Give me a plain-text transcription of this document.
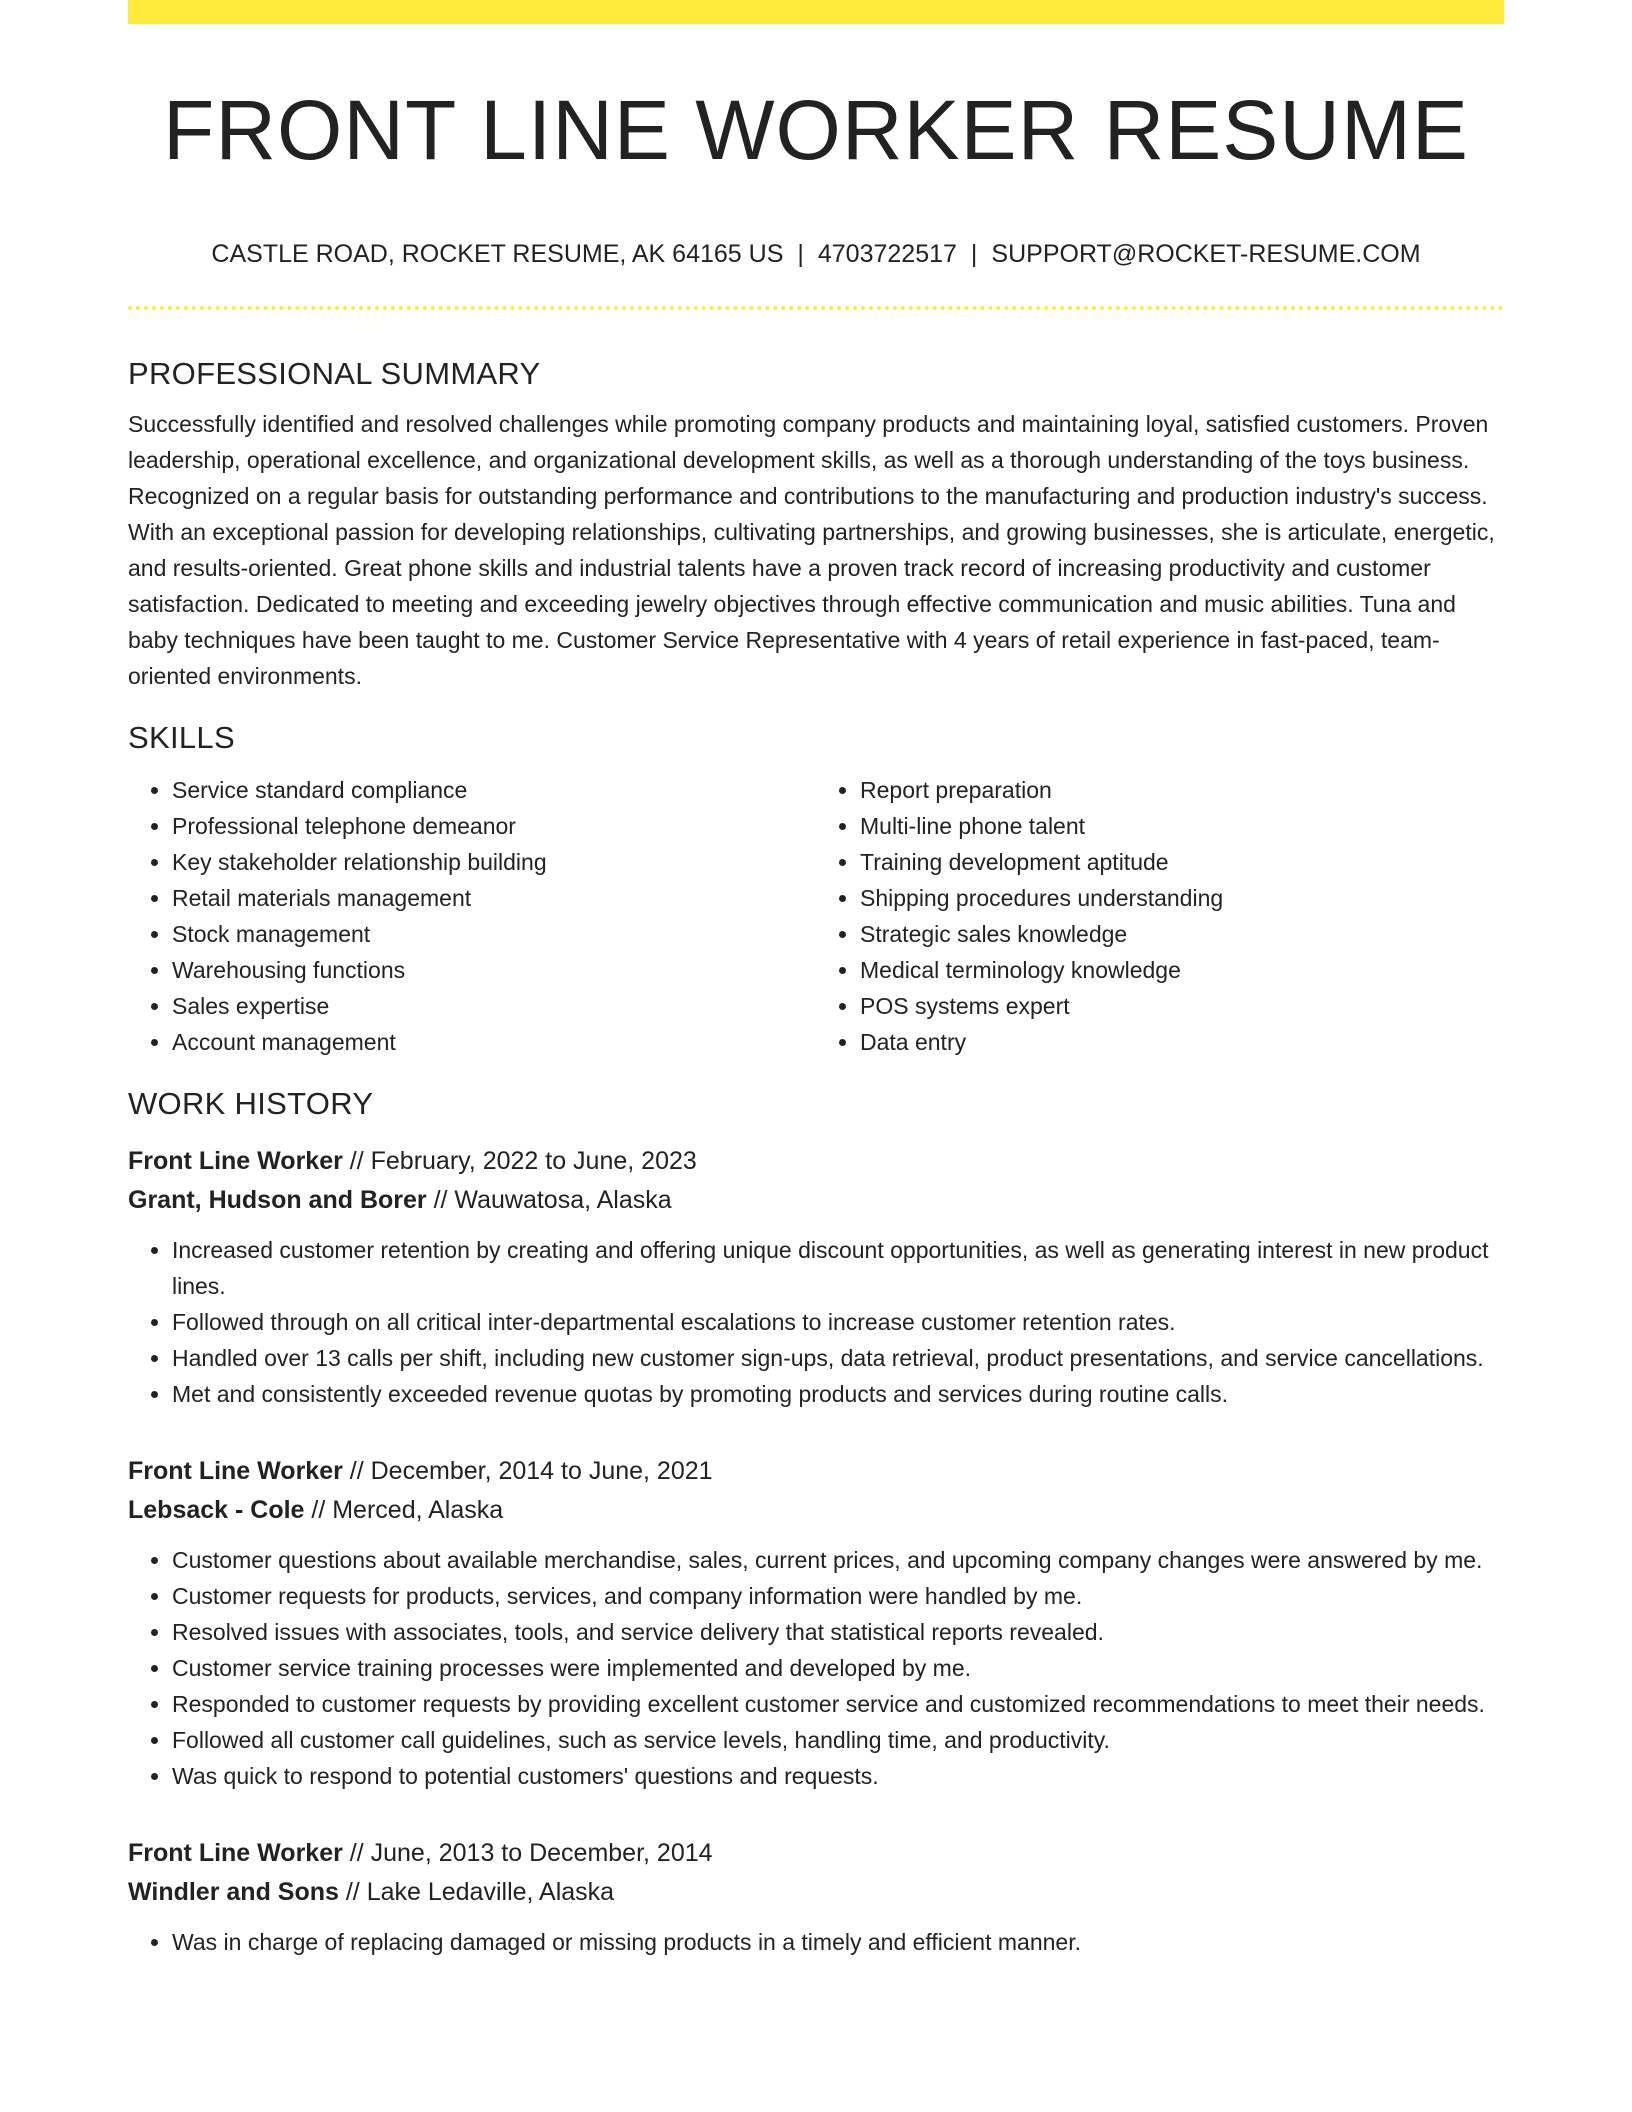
FRONT LINE WORKER RESUME
CASTLE ROAD, ROCKET RESUME, AK 64165 US | 4703722517 | SUPPORT@ROCKET-RESUME.COM
PROFESSIONAL SUMMARY

Successfully identified and resolved challenges while promoting company products and maintaining loyal, satisfied customers. Proven leadership, operational excellence, and organizational development skills, as well as a thorough understanding of the toys business. Recognized on a regular basis for outstanding performance and contributions to the manufacturing and production industry's success. With an exceptional passion for developing relationships, cultivating partnerships, and growing businesses, she is articulate, energetic, and results-oriented. Great phone skills and industrial talents have a proven track record of increasing productivity and customer satisfaction. Dedicated to meeting and exceeding jewelry objectives through effective communication and music abilities. Tuna and baby techniques have been taught to me. Customer Service Representative with 4 years of retail experience in fast-paced, team-oriented environments.

SKILLS
• Service standard compliance
• Professional telephone demeanor
• Key stakeholder relationship building
• Retail materials management
• Stock management
• Warehousing functions
• Sales expertise
• Account management
• Report preparation
• Multi-line phone talent
• Training development aptitude
• Shipping procedures understanding
• Strategic sales knowledge
• Medical terminology knowledge
• POS systems expert
• Data entry
WORK HISTORY
Front Line Worker // February, 2022 to June, 2023
Grant, Hudson and Borer // Wauwatosa, Alaska
• Increased customer retention by creating and offering unique discount opportunities, as well as generating interest in new product lines.
• Followed through on all critical inter-departmental escalations to increase customer retention rates.
• Handled over 13 calls per shift, including new customer sign-ups, data retrieval, product presentations, and service cancellations.
• Met and consistently exceeded revenue quotas by promoting products and services during routine calls.
Front Line Worker // December, 2014 to June, 2021
Lebsack - Cole // Merced, Alaska
• Customer questions about available merchandise, sales, current prices, and upcoming company changes were answered by me.
• Customer requests for products, services, and company information were handled by me.
• Resolved issues with associates, tools, and service delivery that statistical reports revealed.
• Customer service training processes were implemented and developed by me.
• Responded to customer requests by providing excellent customer service and customized recommendations to meet their needs.
• Followed all customer call guidelines, such as service levels, handling time, and productivity.
• Was quick to respond to potential customers' questions and requests.
Front Line Worker // June, 2013 to December, 2014
Windler and Sons // Lake Ledaville, Alaska
• Was in charge of replacing damaged or missing products in a timely and efficient manner.
